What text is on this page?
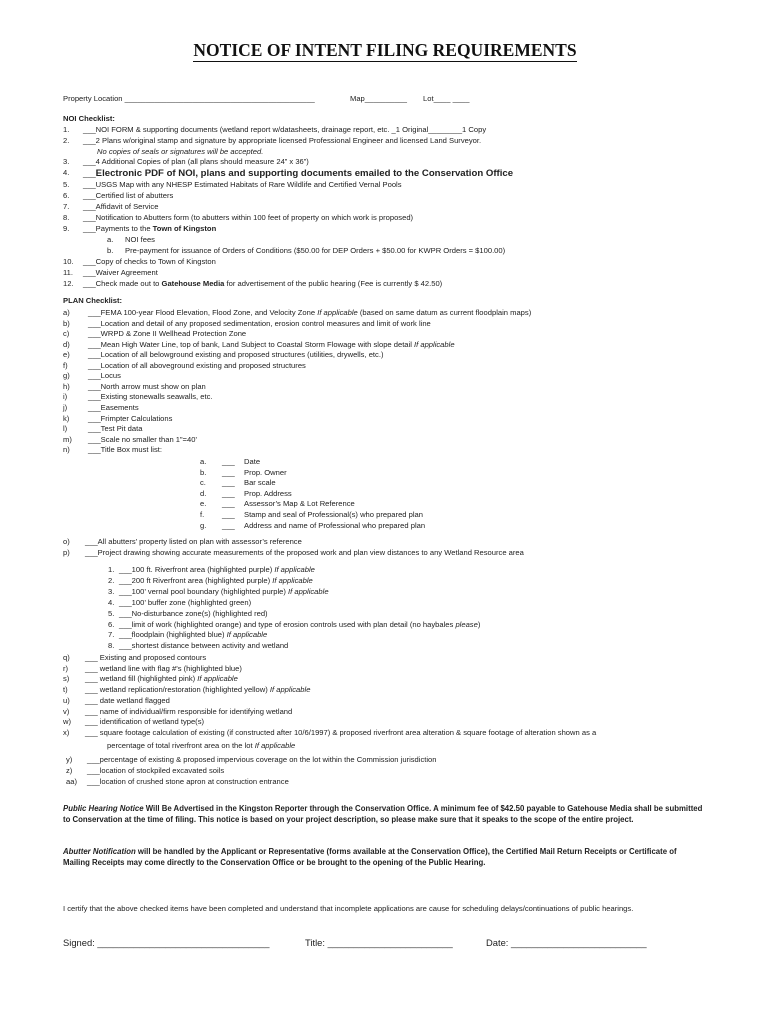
NOTICE OF INTENT FILING REQUIREMENTS
Property Location _____________________________________________	Map__________ Lot____ ____
NOI Checklist:
1. ___NOI FORM & supporting documents (wetland report w/datasheets, drainage report, etc. _1 Original________1 Copy
2. ___2 Plans w/original stamp and signature by appropriate licensed Professional Engineer and licensed Land Surveyor.
No copies of seals or signatures will be accepted.
3. ___4 Additional Copies of plan (all plans should measure 24” x 36”)
4. ___Electronic PDF of NOI, plans and supporting documents emailed to the Conservation Office
5. ___USGS Map with any NHESP Estimated Habitats of Rare Wildlife and Certified Vernal Pools
6. ___Certified list of abutters
7. ___Affidavit of Service
8. ___Notification to Abutters form (to abutters within 100 feet of property on which work is proposed)
9. ___Payments to the Town of Kingston
10. ___Copy of checks to Town of Kingston
11. ___Waiver Agreement
12. ___Check made out to Gatehouse Media for advertisement of the public hearing (Fee is currently $ 42.50)
a. NOI fees
b. Pre-payment for issuance of Orders of Conditions ($50.00 for DEP Orders + $50.00 for KWPR Orders = $100.00)
PLAN Checklist:
a) ___FEMA 100-year Flood Elevation, Flood Zone, and Velocity Zone If applicable (based on same datum as current floodplain maps)
b) ___Location and detail of any proposed sedimentation, erosion control measures and limit of work line
c) ___WRPD & Zone II Wellhead Protection Zone
d) ___Mean High Water Line, top of bank, Land Subject to Coastal Storm Flowage with slope detail If applicable
e) ___Location of all belowground existing and proposed structures (utilities, drywells, etc.)
f)	___Location of all aboveground existing and proposed structures
g) ___Locus
h) ___North arrow must show on plan
i)	___Existing stonewalls seawalls, etc.
j)	___Easements
k) ___Frimpter Calculations
l)	___Test Pit data
m) ___Scale no smaller than 1”=40’
n) ___Title Box must list:
a. ___ Date
b. ___ Prop. Owner
c. ___ Bar scale
d. ___ Prop. Address
e. ___ Assessor’s Map & Lot Reference
f. ___ Stamp and seal of Professional(s) who prepared plan
g. ___ Address and name of Professional who prepared plan
o) ___All abutters’ property listed on plan with assessor’s reference
p) ___Project drawing showing accurate measurements of the proposed work and plan view distances to any Wetland Resource area
1. ___100 ft. Riverfront area (highlighted purple) If applicable
2. ___200 ft Riverfront area (highlighted purple) If applicable
3. ___100’ vernal pool boundary (highlighted purple) If applicable
4. ___100’ buffer zone (highlighted green)
5. ___No-disturbance zone(s) (highlighted red)
6. ___limit of work (highlighted orange) and type of erosion controls used with plan detail (no haybales please)
7. ___floodplain (highlighted blue) If applicable
8. ___shortest distance between activity and wetland
q) ___ Existing and proposed contours
r) ___ wetland line with flag #’s (highlighted blue)
s) ___ wetland fill (highlighted pink) If applicable
t) ___ wetland replication/restoration (highlighted yellow) If applicable
u) ___ date wetland flagged
v) ___ name of individual/firm responsible for identifying wetland
w) ___ identification of wetland type(s)
x) ___ square footage calculation of existing (if constructed after 10/6/1997) & proposed riverfront area alteration & square footage of alteration shown as a
percentage of total riverfront area on the lot If applicable
y) ___percentage of existing & proposed impervious coverage on the lot within the Commission jurisdiction
z) ___location of stockpiled excavated soils
aa) ___location of crushed stone apron at construction entrance
Public Hearing Notice Will Be Advertised in the Kingston Reporter through the Conservation Office. A minimum fee of $42.50 payable to Gatehouse Media shall be submitted to Conservation at the time of filing. This notice is based on your project description, so please make sure that it speaks to the scope of the entire project.
Abutter Notification will be handled by the Applicant or Representative (forms available at the Conservation Office), the Certified Mail Return Receipts or Certificate of Mailing Receipts may come directly to the Conservation Office or be brought to the opening of the Public Hearing.
I certify that the above checked items have been completed and understand that incomplete applications are cause for scheduling delays/continuations of public hearings.
Signed: _________________________________	Title: ________________________	Date: __________________________
